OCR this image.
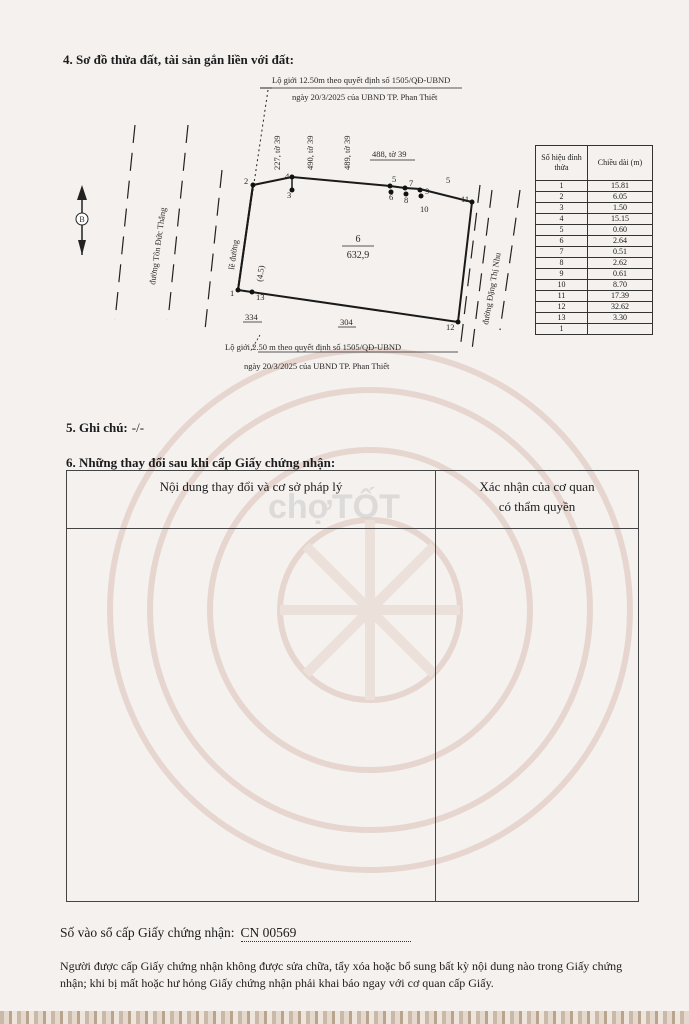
4. Sơ đồ thửa đất, tài sản gắn liền với đất:
B	đường Tôn Đức Thắng	lề đường
(4.5)	đường Đặng Thị Nhu
Lộ giới 12.50m theo quyết định số 1505/QĐ-UBND
ngày 20/3/2025 của UBND TP. Phan Thiết
1
2
3
4	5
6
7
8
9
10
11
12
13
227, tờ 39	490, tờ 39	489, tờ 39 488, tờ 39
5
334	304
6
632,9
Lộ giới 2.50 m theo quyết định số 1505/QĐ-UBND
ngày 20/3/2025 của UBND TP. Phan Thiết
Số hiệu đỉnh thửa	Chiều dài (m)
1	15.81
2	6.05
3	1.50
4	15.15
5	0.60
6	2.64
7	0.51
8	2.62
9	0.61
10	8.70
11	17.39
12	32.62
13	3.30
1	
5. Ghi chú: -/-
6. Những thay đổi sau khi cấp Giấy chứng nhận:
Nội dung thay đổi và cơ sở pháp lý	Xác nhận của cơ quan
có thẩm quyền

chợTỐT
Số vào sổ cấp Giấy chứng nhận: CN 00569
Người được cấp Giấy chứng nhận không được sửa chữa, tẩy xóa hoặc bổ sung bất kỳ nội dung nào trong Giấy chứng nhận; khi bị mất hoặc hư hỏng Giấy chứng nhận phải khai báo ngay với cơ quan cấp Giấy.
